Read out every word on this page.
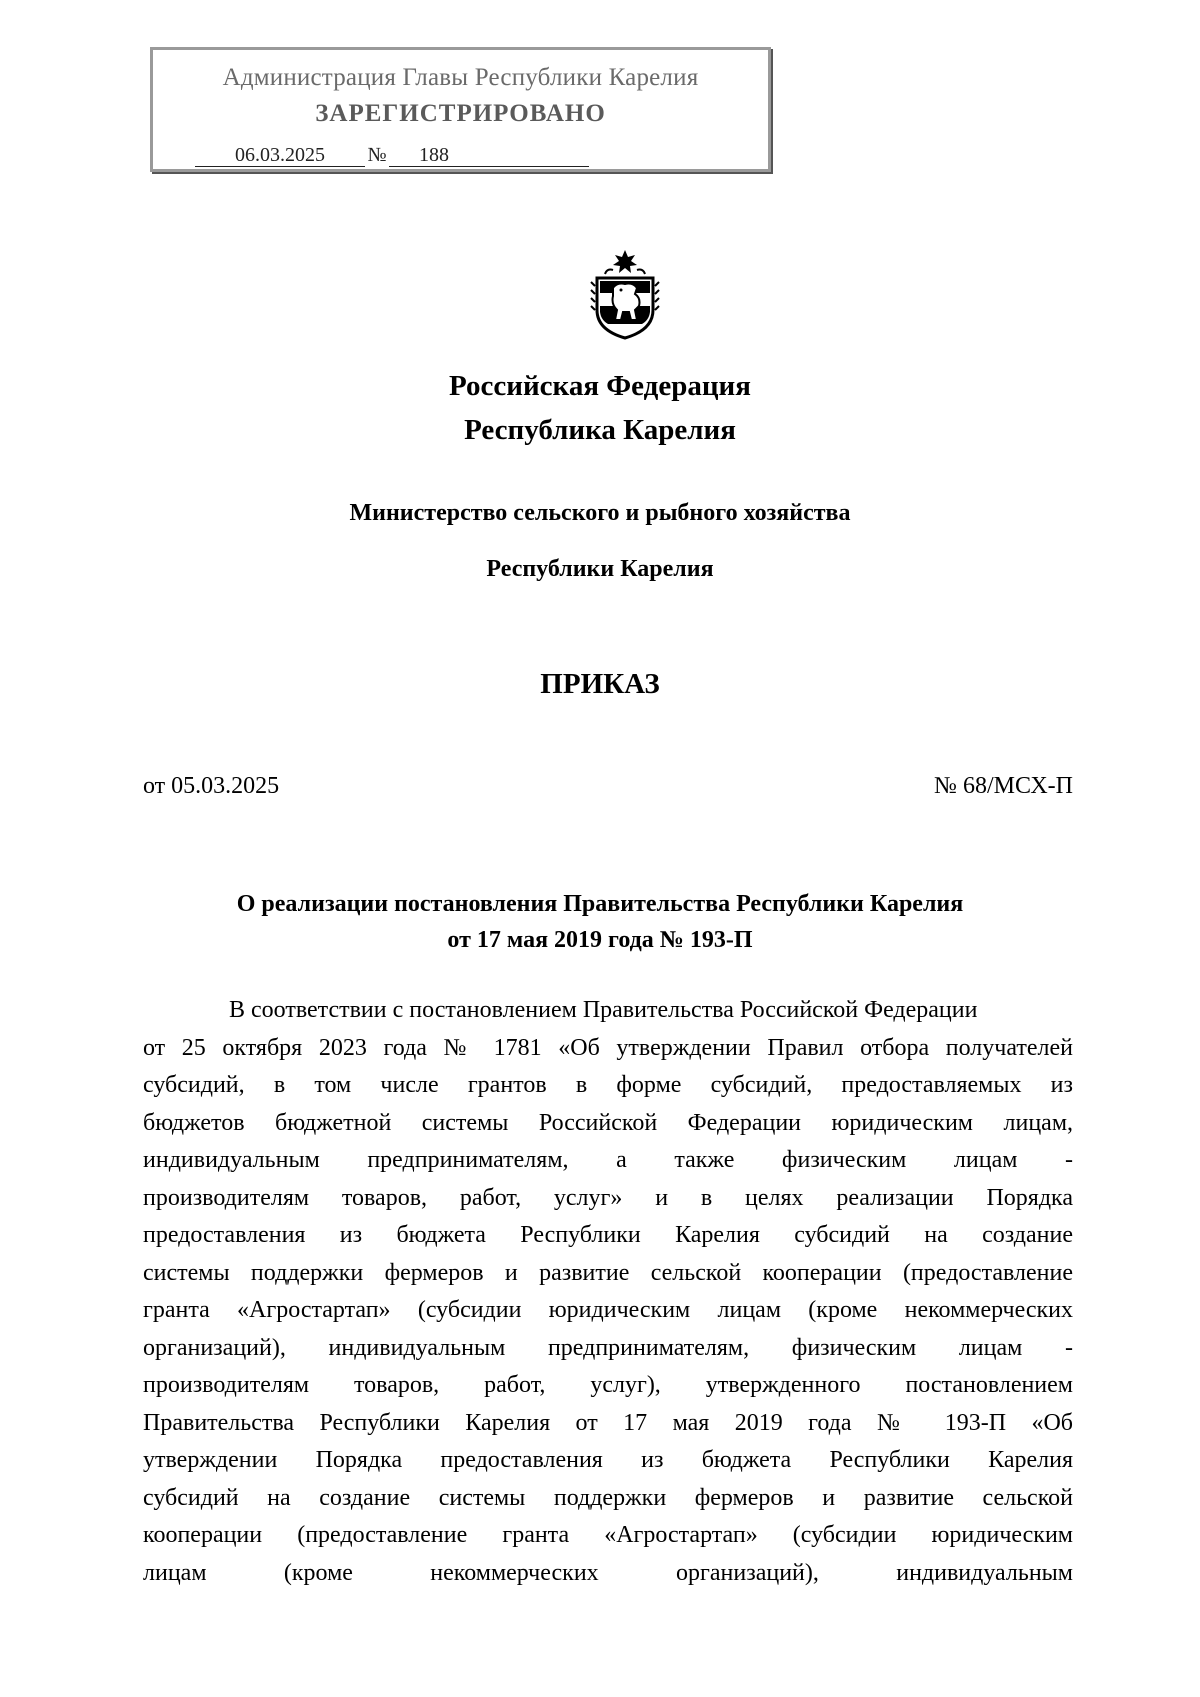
Администрация Главы Республики Карелия
ЗАРЕГИСТРИРОВАНО
06.03.2025 № 188
Российская Федерация
Республика Карелия
Министерство сельского и рыбного хозяйства
Республики Карелия
ПРИКАЗ
от 05.03.2025	№ 68/МСХ-П
О реализации постановления Правительства Республики Карелия
от 17 мая 2019 года № 193-П
В соответствии с постановлением Правительства Российской Федерации
от 25 октября 2023 года № 1781 «Об утверждении Правил отбора получателей
субсидий, в том числе грантов в форме субсидий, предоставляемых из
бюджетов бюджетной системы Российской Федерации юридическим лицам,
индивидуальным предпринимателям, а также физическим лицам -
производителям товаров, работ, услуг» и в целях реализации Порядка
предоставления из бюджета Республики Карелия субсидий на создание
системы поддержки фермеров и развитие сельской кооперации (предоставление
гранта «Агростартап» (субсидии юридическим лицам (кроме некоммерческих
организаций), индивидуальным предпринимателям, физическим лицам -
производителям товаров, работ, услуг), утвержденного постановлением
Правительства Республики Карелия от 17 мая 2019 года № 193-П «Об
утверждении Порядка предоставления из бюджета Республики Карелия
субсидий на создание системы поддержки фермеров и развитие сельской
кооперации (предоставление гранта «Агростартап» (субсидии юридическим
лицам (кроме некоммерческих организаций), индивидуальным
